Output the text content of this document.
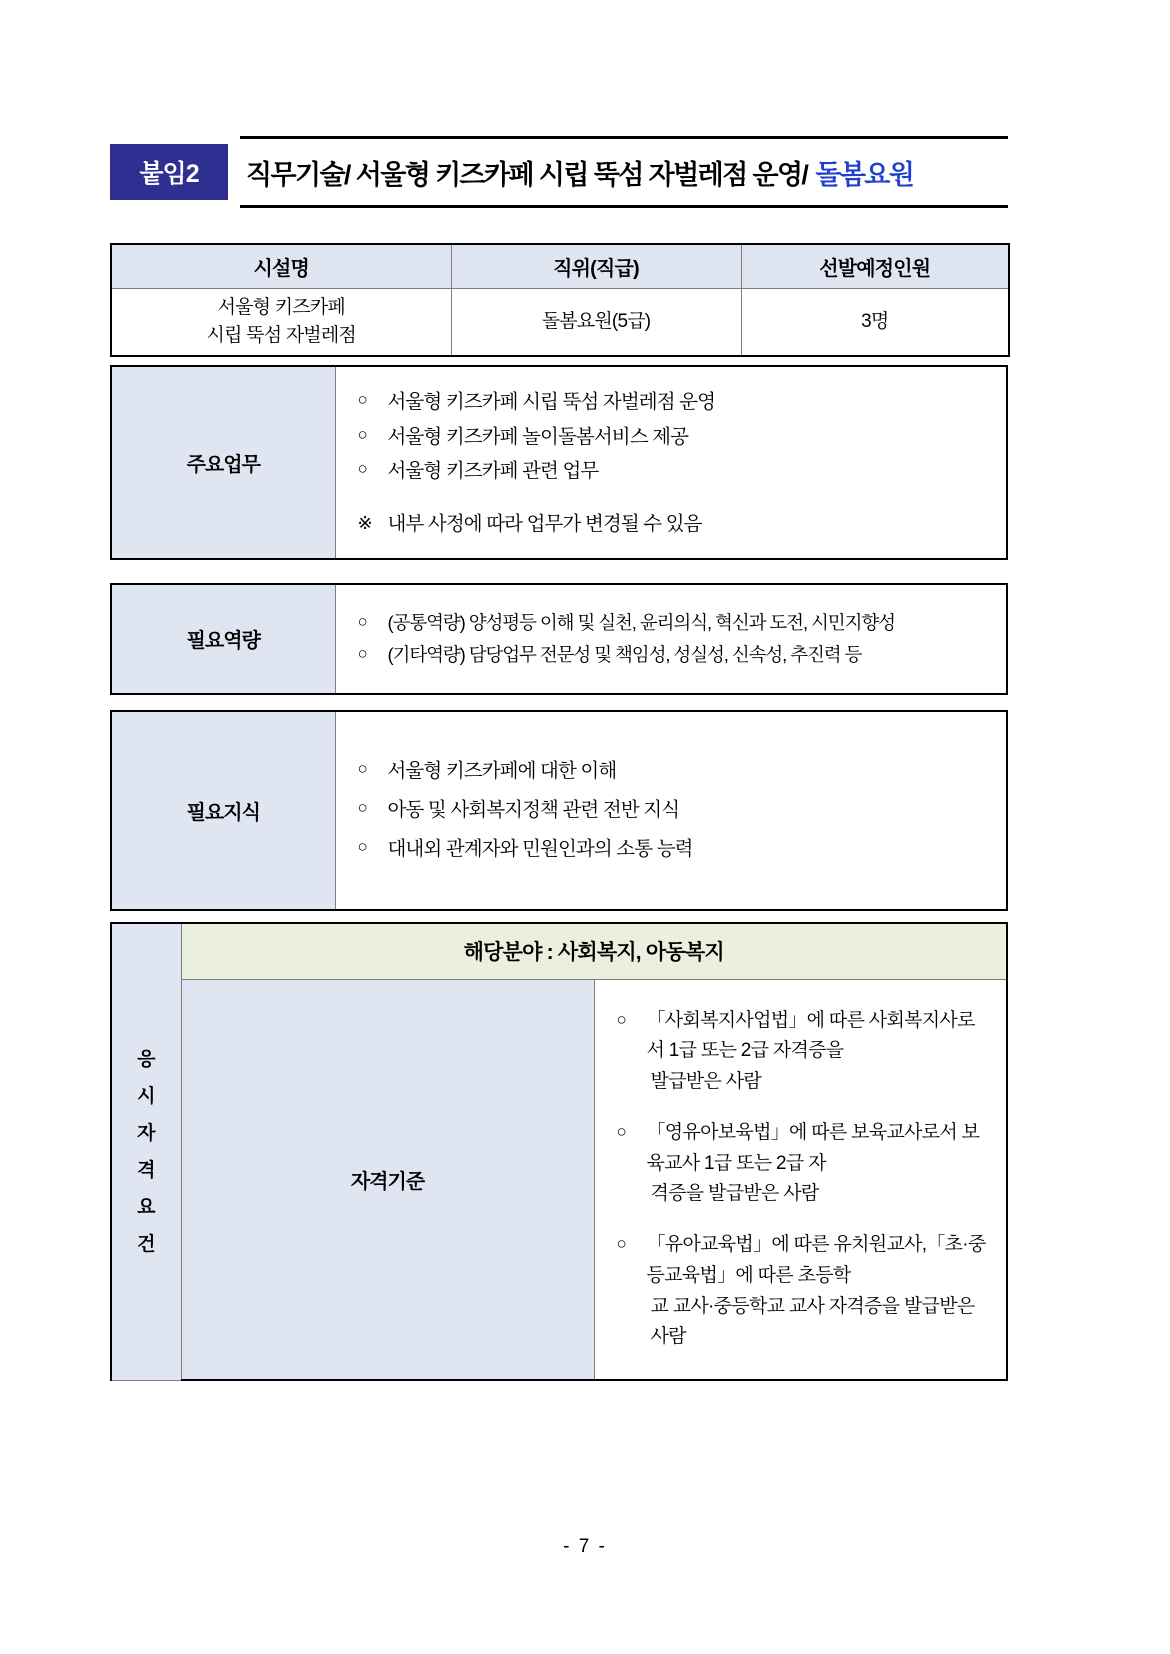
붙임2	직무기술/ 서울형 키즈카페 시립 뚝섬 자벌레점 운영/ 돌봄요원
시설명	직위(직급)	선발예정인원

서울형 키즈카페
시립 뚝섬 자벌레점	돌봄요원(5급)	3명
주요업무	
○ 서울형 키즈카페 시립 뚝섬 자벌레점 운영
○ 서울형 키즈카페 놀이돌봄서비스 제공
○ 서울형 키즈카페 관련 업무
※ 내부 사정에 따라 업무가 변경될 수 있음
필요역량	
○ (공통역량) 양성평등 이해 및 실천, 윤리의식, 혁신과 도전, 시민지향성
○ (기타역량) 담당업무 전문성 및 책임성, 성실성, 신속성, 추진력 등
필요지식	
○ 서울형 키즈카페에 대한 이해
○ 아동 및 사회복지정책 관련 전반 지식
○ 대내외 관계자와 민원인과의 소통 능력
응
시
자
격
요
건
	해당분야 : 사회복지, 아동복지
자격기준	
○ 「사회복지사업법」에 따른 사회복지사로서 1급 또는 2급 자격증을
발급받은 사람
○ 「영유아보육법」에 따른 보육교사로서 보육교사 1급 또는 2급 자
격증을 발급받은 사람
○ 「유아교육법」에 따른 유치원교사,「초·중등교육법」에 따른 초등학
교 교사·중등학교 교사 자격증을 발급받은 사람
- 7 -
